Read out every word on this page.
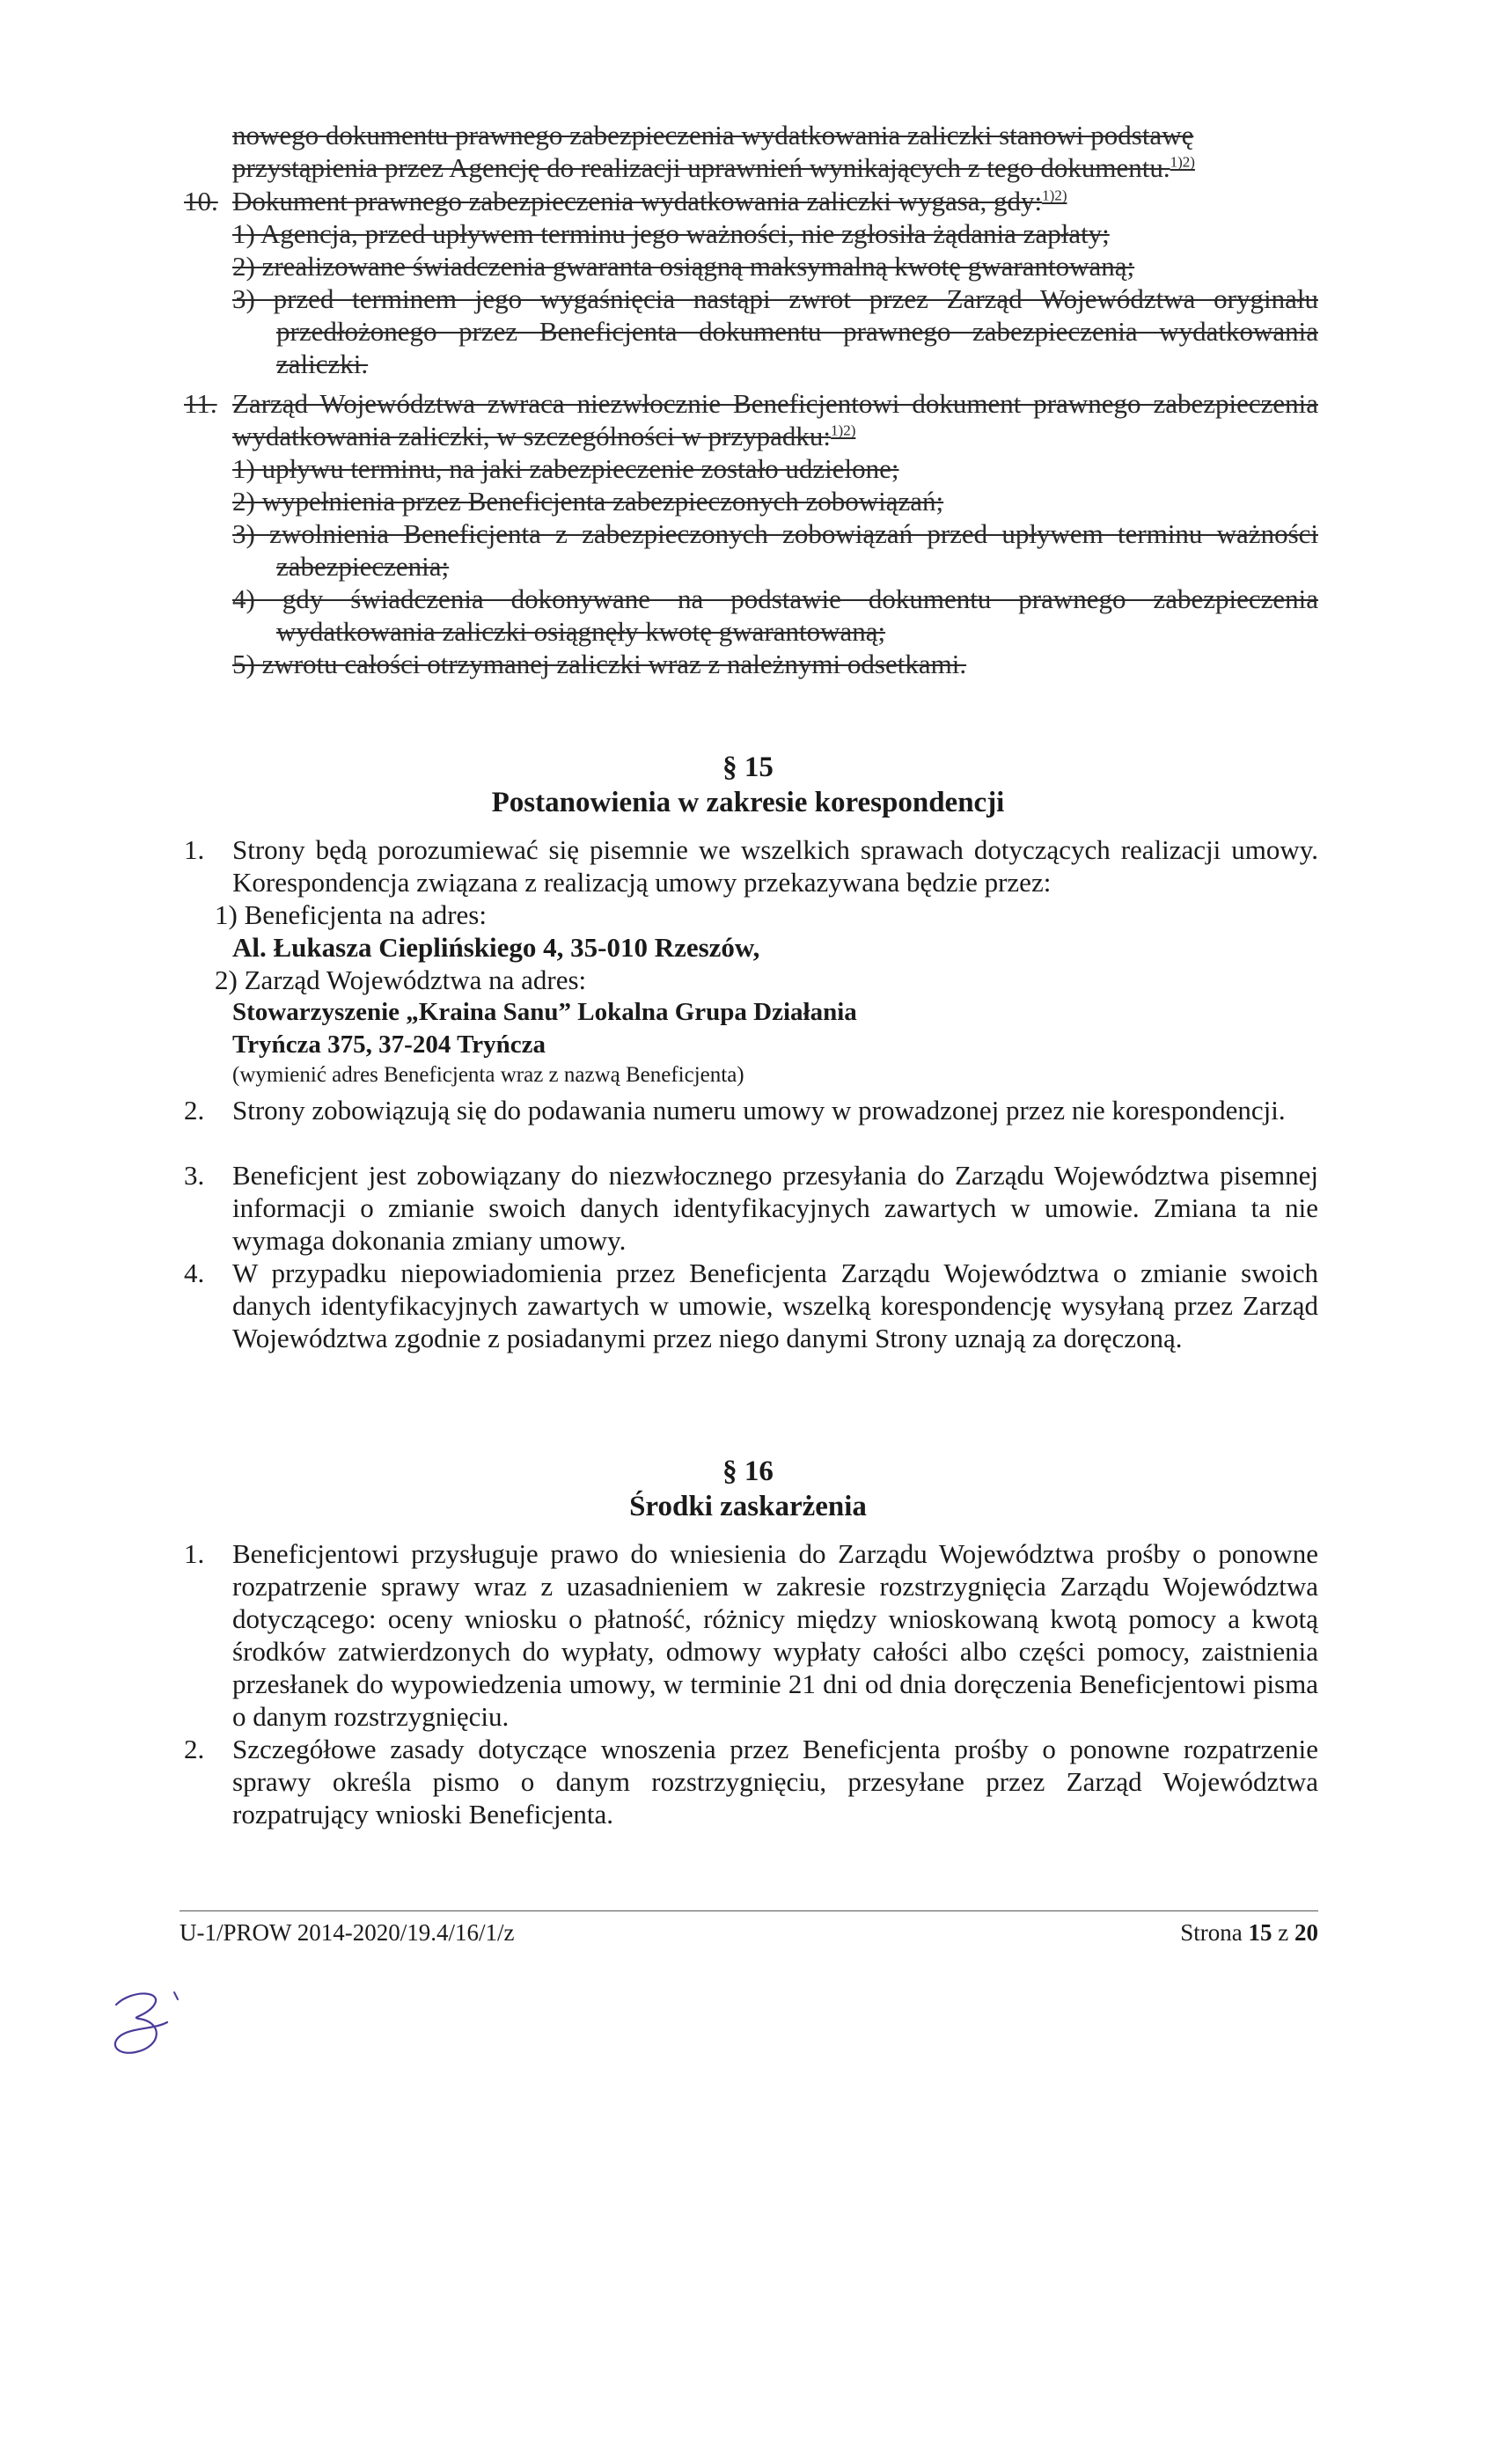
nowego dokumentu prawnego zabezpieczenia wydatkowania zaliczki stanowi podstawę
przystąpienia przez Agencję do realizacji uprawnień wynikających z tego dokumentu.$^{1)2)}$
10. Dokument prawnego zabezpieczenia wydatkowania zaliczki wygasa, gdy:$^{1)2)}$
1) Agencja, przed upływem terminu jego ważności, nie zgłosiła żądania zapłaty;
2) zrealizowane świadczenia gwaranta osiągną maksymalną kwotę gwarantowaną;
3) przed terminem jego wygaśnięcia nastąpi zwrot przez Zarząd Województwa oryginału przedłożonego przez Beneficjenta dokumentu prawnego zabezpieczenia wydatkowania zaliczki.
11. Zarząd Województwa zwraca niezwłocznie Beneficjentowi dokument prawnego zabezpieczenia wydatkowania zaliczki, w szczególności w przypadku:$^{1)2)}$
1) upływu terminu, na jaki zabezpieczenie zostało udzielone;
2) wypełnienia przez Beneficjenta zabezpieczonych zobowiązań;
3) zwolnienia Beneficjenta z zabezpieczonych zobowiązań przed upływem terminu ważności zabezpieczenia;
4) gdy świadczenia dokonywane na podstawie dokumentu prawnego zabezpieczenia wydatkowania zaliczki osiągnęły kwotę gwarantowaną;
5) zwrotu całości otrzymanej zaliczki wraz z należnymi odsetkami.
§ 15
Postanowienia w zakresie korespondencji
1.	Strony będą porozumiewać się pisemnie we wszelkich sprawach dotyczących realizacji umowy. Korespondencja związana z realizacją umowy przekazywana będzie przez:
1) Beneficjenta na adres:
Al. Łukasza Cieplińskiego 4, 35-010 Rzeszów,
2) Zarząd Województwa na adres:
Stowarzyszenie „Kraina Sanu” Lokalna Grupa Działania
Tryńcza 375, 37-204 Tryńcza
(wymienić adres Beneficjenta wraz z nazwą Beneficjenta)
2.	Strony zobowiązują się do podawania numeru umowy w prowadzonej przez nie korespondencji.
3.	Beneficjent jest zobowiązany do niezwłocznego przesyłania do Zarządu Województwa pisemnej informacji o zmianie swoich danych identyfikacyjnych zawartych w umowie. Zmiana ta nie wymaga dokonania zmiany umowy.
4.	W przypadku niepowiadomienia przez Beneficjenta Zarządu Województwa o zmianie swoich danych identyfikacyjnych zawartych w umowie, wszelką korespondencję wysyłaną przez Zarząd Województwa zgodnie z posiadanymi przez niego danymi Strony uznają za doręczoną.
§ 16
Środki zaskarżenia
1.	Beneficjentowi przysługuje prawo do wniesienia do Zarządu Województwa prośby o ponowne rozpatrzenie sprawy wraz z uzasadnieniem w zakresie rozstrzygnięcia Zarządu Województwa dotyczącego: oceny wniosku o płatność, różnicy między wnioskowaną kwotą pomocy a kwotą środków zatwierdzonych do wypłaty, odmowy wypłaty całości albo części pomocy, zaistnienia przesłanek do wypowiedzenia umowy, w terminie 21 dni od dnia doręczenia Beneficjentowi pisma o danym rozstrzygnięciu.
2.	Szczegółowe zasady dotyczące wnoszenia przez Beneficjenta prośby o ponowne rozpatrzenie sprawy określa pismo o danym rozstrzygnięciu, przesyłane przez Zarząd Województwa rozpatrujący wnioski Beneficjenta.
U-1/PROW 2014-2020/19.4/16/1/z	Strona 15 z 20
